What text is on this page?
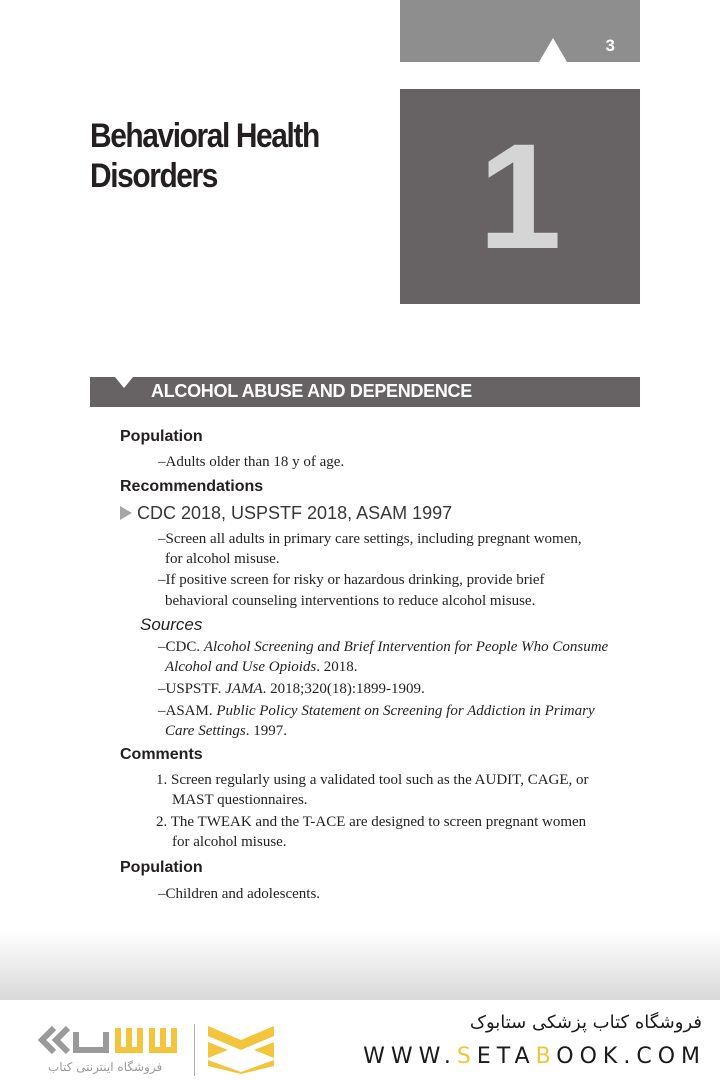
3
Behavioral Health Disorders	1
ALCOHOL ABUSE AND DEPENDENCE
Population
–Adults older than 18 y of age.
Recommendations
CDC 2018, USPSTF 2018, ASAM 1997
–Screen all adults in primary care settings, including pregnant women,
for alcohol misuse.
–If positive screen for risky or hazardous drinking, provide brief
behavioral counseling interventions to reduce alcohol misuse.
Sources
–CDC. Alcohol Screening and Brief Intervention for People Who Consume
Alcohol and Use Opioids. 2018.
–USPSTF. JAMA. 2018;320(18):1899-1909.
–ASAM. Public Policy Statement on Screening for Addiction in Primary
Care Settings. 1997.
Comments
1. Screen regularly using a validated tool such as the AUDIT, CAGE, or
MAST questionnaires.
2. The TWEAK and the T-ACE are designed to screen pregnant women
for alcohol misuse.
Population
–Children and adolescents.
فروشگاه اینترنتی کتاب
فروشگاه کتاب پزشکی ستابوک
WWW.SETABOOK.COM
